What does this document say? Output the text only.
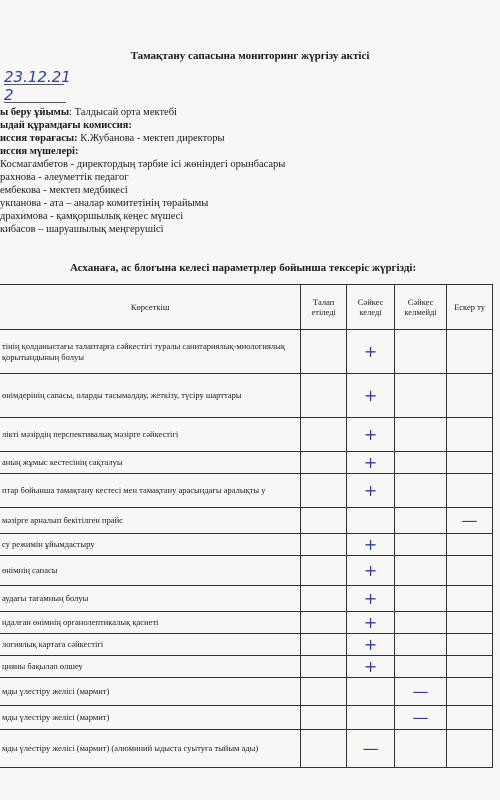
Тамақтану сапасына мониторинг жүргізу актісі
23.12.21
2
ы беру ұйымы: Талдысай орта мектебі
ыдай құрамдағы комиссия:
иссия төрағасы: К.Жубанова - мектеп директоры
иссия мүшелері:
Космагамбетов - директордың тәрбие ісі жөніндегі орынбасары
рахнова - әлеуметтік педагог
ембекова - мектеп медбикесі
укпанова - ата – аналар комитетінің төрайымы
драхимова - қамқоршылық кеңес мүшесі
кибасов – шаруашылық меңгерушісі
Асханаға, ас блогына келесі параметрлер бойынша тексеріс жүргізді:
Көрсеткіш	Талап етіледі	Сәйкес келеді	Сәйкес келмейді	Ескер ту
тінің қолданыстағы талаптарға сәйкестігі туралы санитариялық-миологиялық қорытындының болуы		+		
өнімдерінің сапасы, оларды тасымалдау, жеткізу, түсіру шарттары		+		
лікті мәзірдің перспективалық мәзірге сәйкестігі		+		
аның жұмыс кестесінің сақталуы		+		
птар бойынша тамақтану кестесі мен тамақтану арасындағы аралықты у		+		
мәзірге арналып бекітілген прайс				—
су режимін ұйымдастыру		+		
өнімнің сапасы		+		
аудағы тағамның болуы		+		
ндалған өнімнің органолептикалық қасиеті		+		
логиялық картаға сәйкестігі		+		
цияны бақылап өлшеу		+		
мды үлестіру желісі (мармит)			—	
мды үлестіру желісі (мармит)			—	
мды үлестіру желісі (мармит) (алюминий ыдыста суытуға тыйым ады)		—		
